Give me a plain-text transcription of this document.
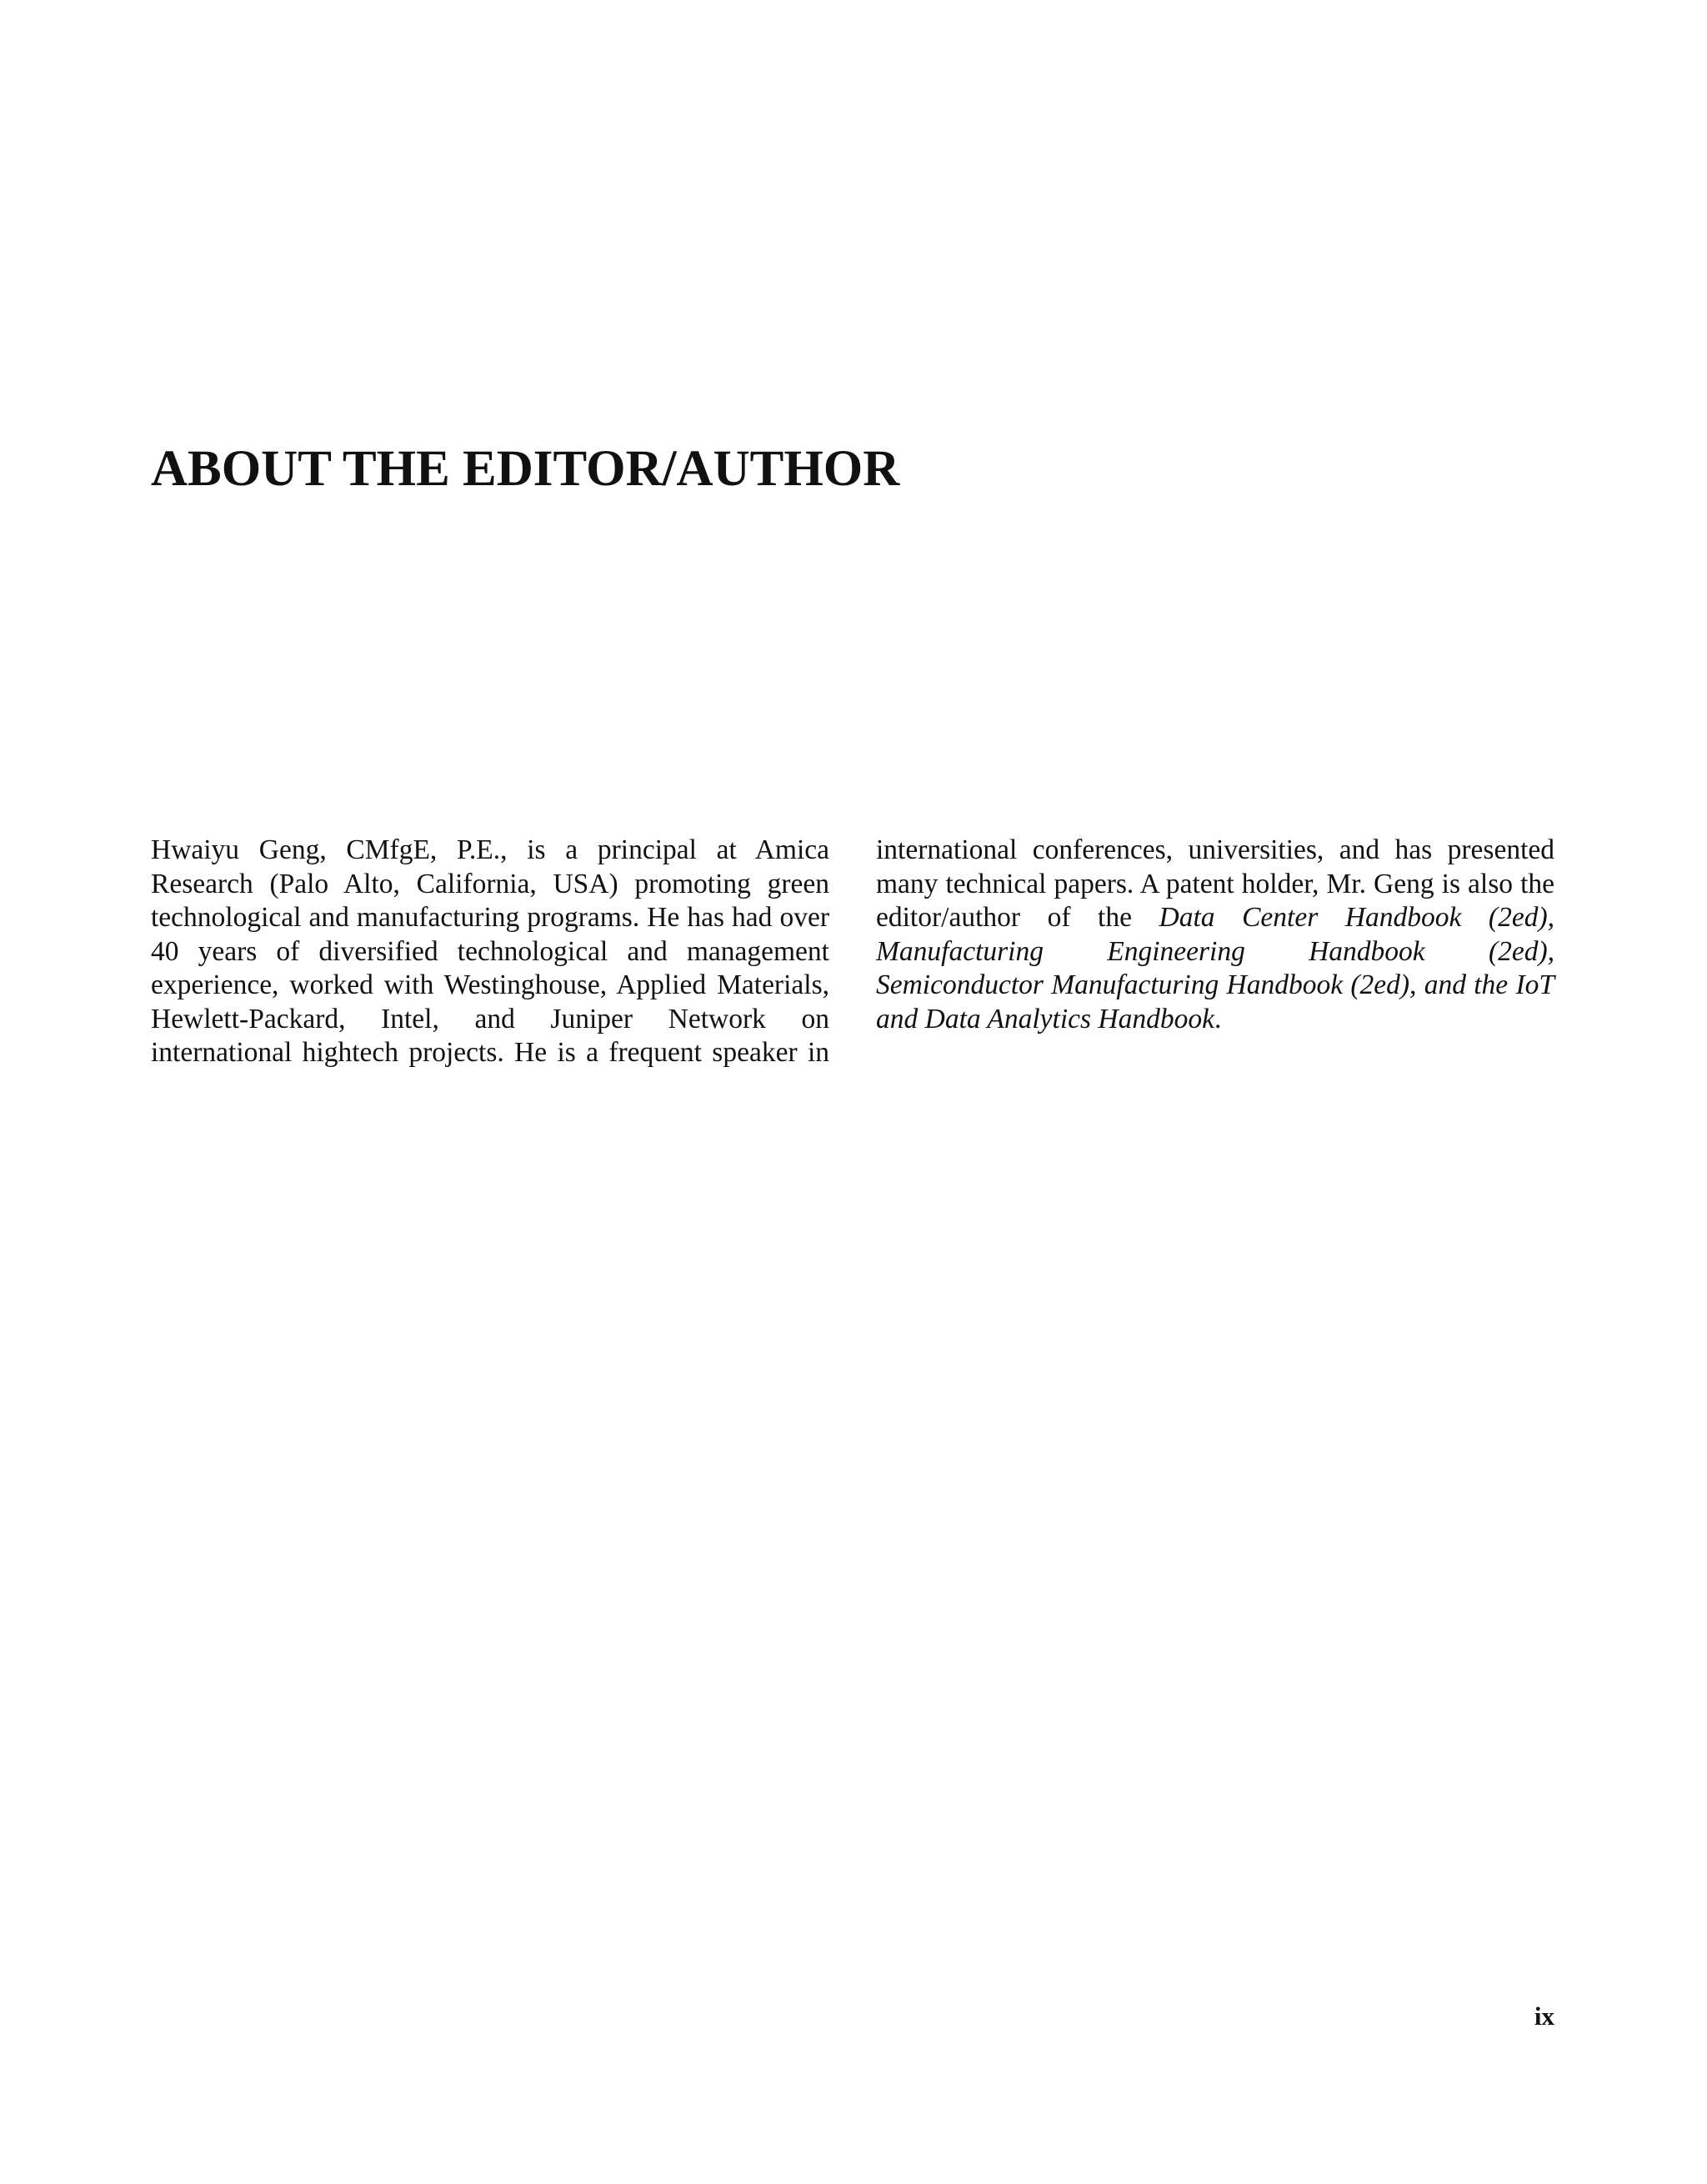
ABOUT THE EDITOR/AUTHOR

Hwaiyu Geng, CMfgE, P.E., is a principal at Amica Research (Palo Alto, California, USA) promoting green technological and manufacturing programs. He has had over 40 years of diversified technological and management experience, worked with Westinghouse, Applied Materials, Hewlett-Packard, Intel, and Juniper Network on international hightech projects. He is a frequent speaker in international conferences, universities, and has presented many technical papers. A patent holder, Mr. Geng is also the editor/author of the Data Center Handbook (2ed), Manufacturing Engineering Handbook (2ed), Semiconductor Manufacturing Handbook (2ed), and the IoT and Data Analytics Handbook.

ix
